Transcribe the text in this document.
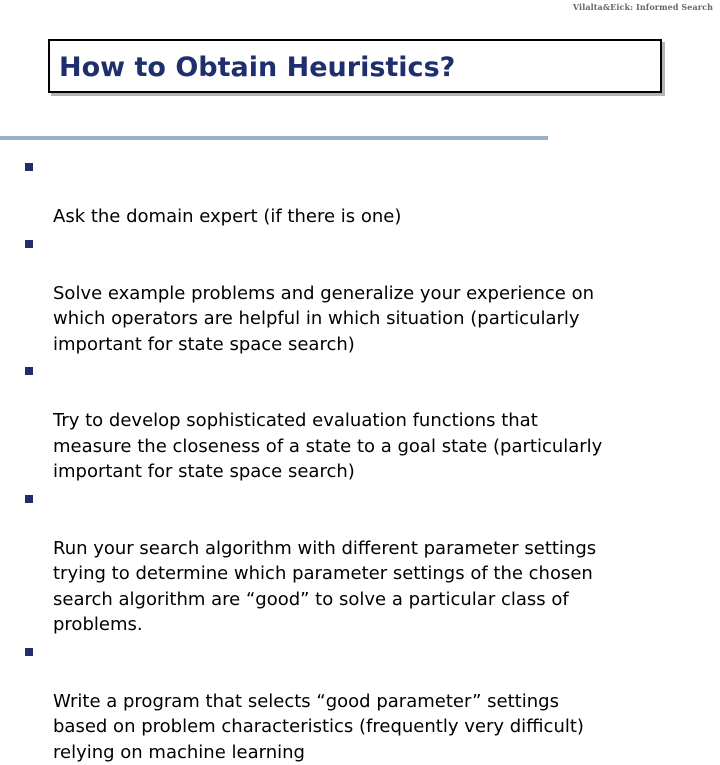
Vilalta&Eick: Informed Search
How to Obtain Heuristics?

Ask the domain expert (if there is one)

Solve example problems and generalize your experience on
which operators are helpful in which situation (particularly
important for state space search)

Try to develop sophisticated evaluation functions that
measure the closeness of a state to a goal state (particularly
important for state space search)

Run your search algorithm with different parameter settings
trying to determine which parameter settings of the chosen
search algorithm are “good” to solve a particular class of
problems.

Write a program that selects “good parameter” settings
based on problem characteristics (frequently very difficult)
relying on machine learning
